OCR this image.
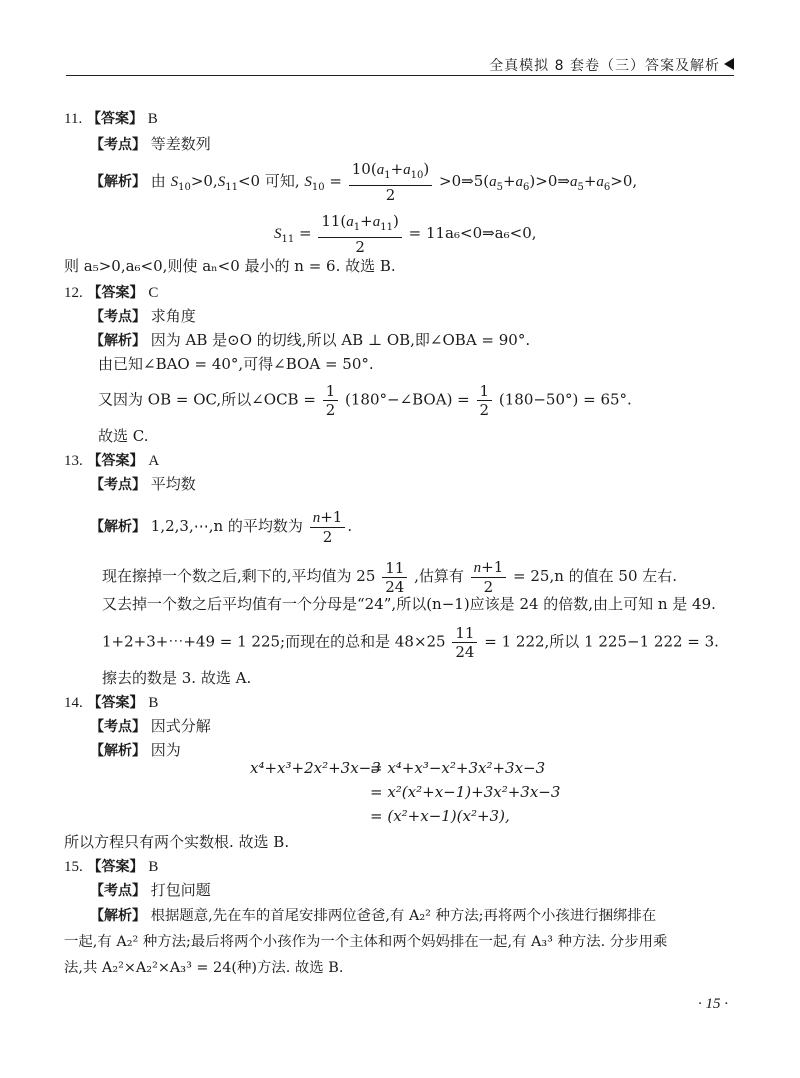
全真模拟 8 套卷（三）答案及解析
11. 【答案】 B
【考点】 等差数列
【解析】 由 $S_{10}>0,S_{11}<0$ 可知, $S_{10} = \frac{10(a_1+a_{10})}{2}$ $>0\Rightarrow 5(a_5+a_6)>0\Rightarrow a_5+a_6>0$,
$S_{11} = \frac{11(a_1+a_{11})}{2}$ = 11a₆<0⇒a₆<0,
则 a₅>0,a₆<0,则使 aₙ<0 最小的 n = 6. 故选 B.
12. 【答案】 C
【考点】 求角度
【解析】 因为 AB 是⊙O 的切线,所以 AB ⊥ OB,即∠OBA = 90°.
由已知∠BAO = 40°,可得∠BOA = 50°.
又因为 OB = OC,所以∠OCB = $\frac{1}{2}$ (180°−∠BOA) = $\frac{1}{2} (180-50^\circ) = 65^\circ$.
故选 C.
13. 【答案】 A
【考点】 平均数
【解析】 1,2,3,⋯,n 的平均数为 $\frac{n+1}{2}$ .
现在擦掉一个数之后,剩下的,平均值为 $25 \frac{11}{24}$ ,估算有 $\frac{n+1}{2} = 25,n$ 的值在 50 左右.
又去掉一个数之后平均值有一个分母是“24”,所以(n−1)应该是 24 的倍数,由上可知 n 是 49.
1+2+3+⋯+49 = 1 225;而现在的总和是 $48\times 25 \frac{11}{24} = 1$ 222,所以 1 225−1 222 = 3.
擦去的数是 3. 故选 A.
14. 【答案】 B
【考点】 因式分解
【解析】 因为
x⁴+x³+2x²+3x−3
= x⁴+x³−x²+3x²+3x−3
= x²(x²+x−1)+3x²+3x−3
= (x²+x−1)(x²+3),
所以方程只有两个实数根. 故选 B.
15. 【答案】 B
【考点】 打包问题
【解析】 根据题意,先在车的首尾安排两位爸爸,有 A₂² 种方法;再将两个小孩进行捆绑排在
一起,有 A₂² 种方法;最后将两个小孩作为一个主体和两个妈妈排在一起,有 A₃³ 种方法. 分步用乘
法,共 A₂²×A₂²×A₃³ = 24(种)方法. 故选 B.
· 15 ·
